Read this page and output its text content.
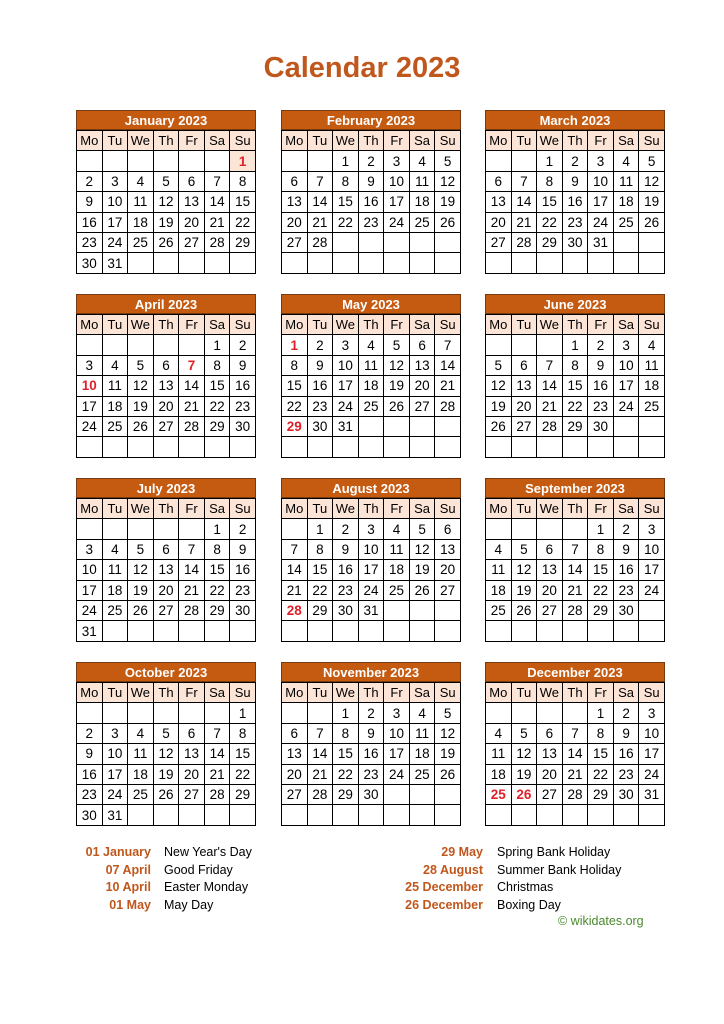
Calendar 2023
January 2023
Mo	Tu	We	Th	Fr	Sa	Su
						1
2	3	4	5	6	7	8
9	10	11	12	13	14	15
16	17	18	19	20	21	22
23	24	25	26	27	28	29
30	31					
February 2023
Mo	Tu	We	Th	Fr	Sa	Su
		1	2	3	4	5
6	7	8	9	10	11	12
13	14	15	16	17	18	19
20	21	22	23	24	25	26
27	28					

March 2023
Mo	Tu	We	Th	Fr	Sa	Su
		1	2	3	4	5
6	7	8	9	10	11	12
13	14	15	16	17	18	19
20	21	22	23	24	25	26
27	28	29	30	31		

April 2023
Mo	Tu	We	Th	Fr	Sa	Su
					1	2
3	4	5	6	7	8	9
10	11	12	13	14	15	16
17	18	19	20	21	22	23
24	25	26	27	28	29	30

May 2023
Mo	Tu	We	Th	Fr	Sa	Su
1	2	3	4	5	6	7
8	9	10	11	12	13	14
15	16	17	18	19	20	21
22	23	24	25	26	27	28
29	30	31				

June 2023
Mo	Tu	We	Th	Fr	Sa	Su
			1	2	3	4
5	6	7	8	9	10	11
12	13	14	15	16	17	18
19	20	21	22	23	24	25
26	27	28	29	30		

July 2023
Mo	Tu	We	Th	Fr	Sa	Su
					1	2
3	4	5	6	7	8	9
10	11	12	13	14	15	16
17	18	19	20	21	22	23
24	25	26	27	28	29	30
31						
August 2023
Mo	Tu	We	Th	Fr	Sa	Su
	1	2	3	4	5	6
7	8	9	10	11	12	13
14	15	16	17	18	19	20
21	22	23	24	25	26	27
28	29	30	31			

September 2023
Mo	Tu	We	Th	Fr	Sa	Su
				1	2	3
4	5	6	7	8	9	10
11	12	13	14	15	16	17
18	19	20	21	22	23	24
25	26	27	28	29	30	

October 2023
Mo	Tu	We	Th	Fr	Sa	Su
						1
2	3	4	5	6	7	8
9	10	11	12	13	14	15
16	17	18	19	20	21	22
23	24	25	26	27	28	29
30	31					
November 2023
Mo	Tu	We	Th	Fr	Sa	Su
		1	2	3	4	5
6	7	8	9	10	11	12
13	14	15	16	17	18	19
20	21	22	23	24	25	26
27	28	29	30			

December 2023
Mo	Tu	We	Th	Fr	Sa	Su
				1	2	3
4	5	6	7	8	9	10
11	12	13	14	15	16	17
18	19	20	21	22	23	24
25	26	27	28	29	30	31

01 January New Year's Day
07 April Good Friday
10 April Easter Monday
01 May May Day
29 May Spring Bank Holiday
28 August Summer Bank Holiday
25 December Christmas
26 December Boxing Day
© wikidates.org
